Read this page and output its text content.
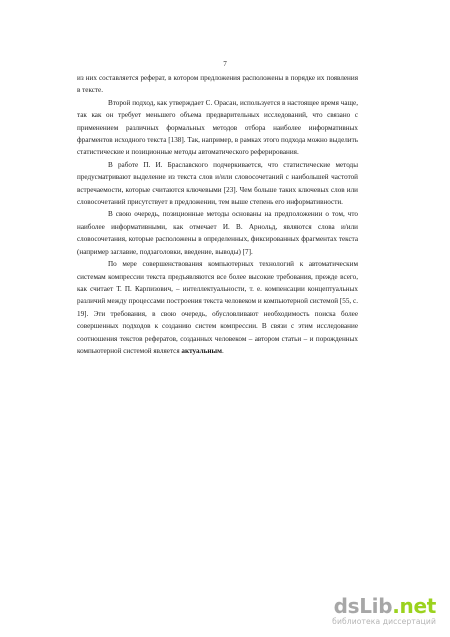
7

из них составляется реферат, в котором предложения расположены в порядке их появления в тексте.

Второй подход, как утверждает С. Орасан, используется в настоящее время чаще, так как он требует меньшего объема предварительных исследований, что связано с применением различных формальных методов отбора наиболее информативных фрагментов исходного текста [138]. Так, например, в рамках этого подхода можно выделить статистические и позиционные методы автоматического реферирования.

В работе П. И. Браславского подчеркивается, что статистические методы предусматривают выделение из текста слов и/или словосочетаний с наибольшей частотой встречаемости, которые считаются ключевыми [23]. Чем больше таких ключевых слов или словосочетаний присутствует в предложении, тем выше степень его информативности.

В свою очередь, позиционные методы основаны на предположении о том, что наиболее информативными, как отмечает И. В. Арнольд, являются слова и/или словосочетания, которые расположены в определенных, фиксированных фрагментах текста (например заглавие, подзаголовки, введение, выводы) [7].

По мере совершенствования компьютерных технологий к автоматическим системам компрессии текста предъявляются все более высокие требования, прежде всего, как считает Т. П. Карпизович, – интеллектуальности, т. е. компенсации концептуальных различий между процессами построения текста человеком и компьютерной системой [55, с. 19]. Эти требования, в свою очередь, обусловливают необходимость поиска более совершенных подходов к созданию систем компрессии. В связи с этим исследование соотношения текстов рефератов, созданных человеком – автором статьи – и порожденных компьютерной системой является актуальным.

dsLib.net
библиотека диссертаций
